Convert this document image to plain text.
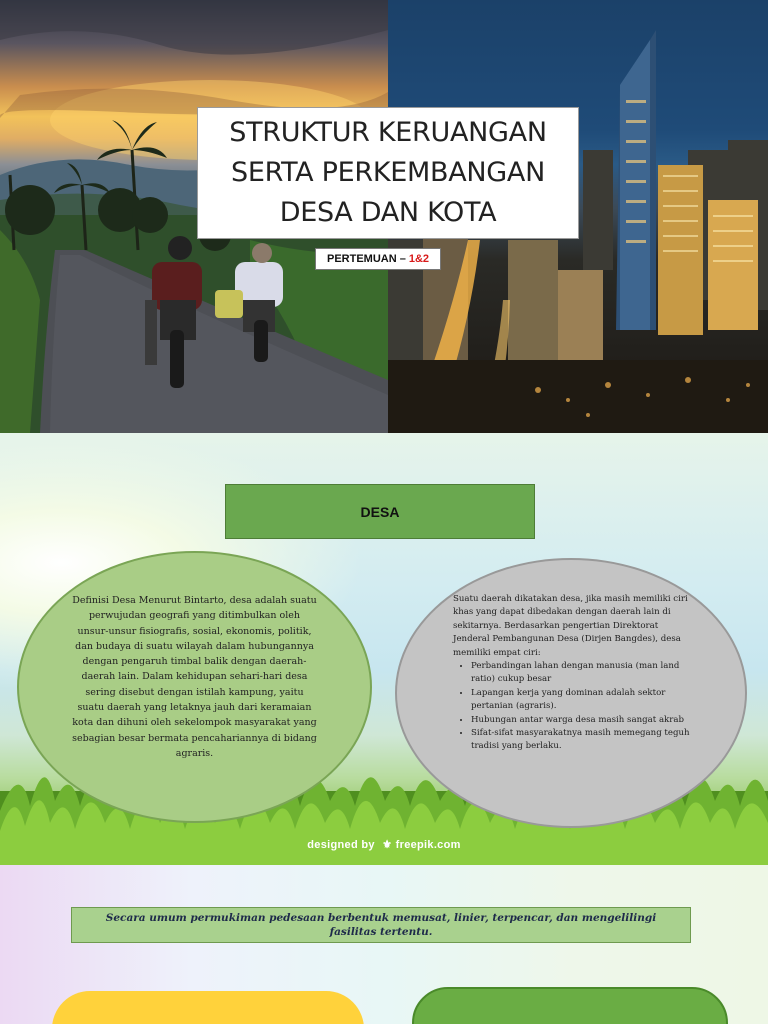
STRUKTUR KERUANGAN
SERTA PERKEMBANGAN
DESA DAN KOTA
PERTEMUAN – 1&2
DESA
Definisi Desa Menurut Bintarto, desa adalah suatu perwujudan geografi yang ditimbulkan oleh unsur-unsur fisiografis, sosial, ekonomis, politik, dan budaya di suatu wilayah dalam hubungannya dengan pengaruh timbal balik dengan daerah-daerah lain. Dalam kehidupan sehari-hari desa sering disebut dengan istilah kampung, yaitu suatu daerah yang letaknya jauh dari keramaian kota dan dihuni oleh sekelompok masyarakat yang sebagian besar bermata pencahariannya di bidang agraris.
Suatu daerah dikatakan desa, jika masih memiliki ciri khas yang dapat dibedakan dengan daerah lain di sekitarnya. Berdasarkan pengertian Direktorat Jenderal Pembangunan Desa (Dirjen Bangdes), desa memiliki empat ciri:
• Perbandingan lahan dengan manusia (man land ratio) cukup besar
• Lapangan kerja yang dominan adalah sektor pertanian (agraris).
• Hubungan antar warga desa masih sangat akrab
• Sifat-sifat masyarakatnya masih memegang teguh tradisi yang berlaku.
designed by ⚜ freepik.com
Secara umum permukiman pedesaan berbentuk memusat, linier, terpencar, dan mengelilingi fasilitas tertentu.
